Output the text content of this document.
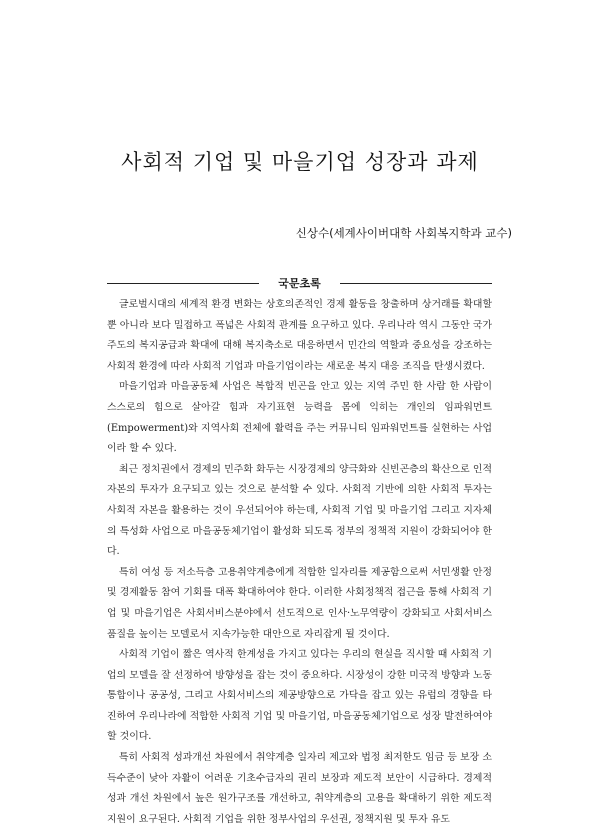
사회적 기업 및 마을기업 성장과 과제
신상수(세계사이버대학 사회복지학과 교수)
국문초록

글로벌시대의 세계적 환경 변화는 상호의존적인 경제 활동을 창출하며 상거래를 확대할 뿐 아니라 보다 밀접하고 폭넓은 사회적 관계를 요구하고 있다. 우리나라 역시 그동안 국가주도의 복지공급과 확대에 대해 복지축소로 대응하면서 민간의 역할과 중요성을 강조하는 사회적 환경에 따라 사회적 기업과 마을기업이라는 새로운 복지 대응 조직을 탄생시켰다.

마을기업과 마을공동체 사업은 복합적 빈곤을 안고 있는 지역 주민 한 사람 한 사람이 스스로의 힘으로 살아갈 힘과 자기표현 능력을 몸에 익히는 개인의 임파워먼트(Empowerment)와 지역사회 전체에 활력을 주는 커뮤니티 임파워먼트를 실현하는 사업이라 할 수 있다.

최근 정치권에서 경제의 민주화 화두는 시장경제의 양극화와 신빈곤층의 확산으로 인적자본의 투자가 요구되고 있는 것으로 분석할 수 있다. 사회적 기반에 의한 사회적 투자는 사회적 자본을 활용하는 것이 우선되어야 하는데, 사회적 기업 및 마을기업 그리고 지자체의 특성화 사업으로 마을공동체기업이 활성화 되도록 정부의 정책적 지원이 강화되어야 한다.

특히 여성 등 저소득층 고용취약계층에게 적합한 일자리를 제공함으로써 서민생활 안정 및 경제활동 참여 기회를 대폭 확대하여야 한다. 이러한 사회정책적 접근을 통해 사회적 기업 및 마을기업은 사회서비스분야에서 선도적으로 인사·노무역량이 강화되고 사회서비스 품질을 높이는 모델로서 지속가능한 대안으로 자리잡게 될 것이다.

사회적 기업이 짧은 역사적 한계성을 가지고 있다는 우리의 현실을 직시할 때 사회적 기업의 모델을 잘 선정하여 방향성을 잡는 것이 중요하다. 시장성이 강한 미국적 방향과 노동통합이나 공공성, 그리고 사회서비스의 제공방향으로 가닥을 잡고 있는 유럽의 경향을 타진하여 우리나라에 적합한 사회적 기업 및 마을기업, 마을공동체기업으로 성장 발전하여야 할 것이다.

특히 사회적 성과개선 차원에서 취약계층 일자리 제고와 법정 최저한도 임금 등 보장 소득수준이 낮아 자활이 어려운 기초수급자의 권리 보장과 제도적 보안이 시급하다. 경제적 성과 개선 차원에서 높은 원가구조를 개선하고, 취약계층의 고용을 확대하기 위한 제도적 지원이 요구된다. 사회적 기업을 위한 정부사업의 우선권, 정책지원 및 투자 유도
